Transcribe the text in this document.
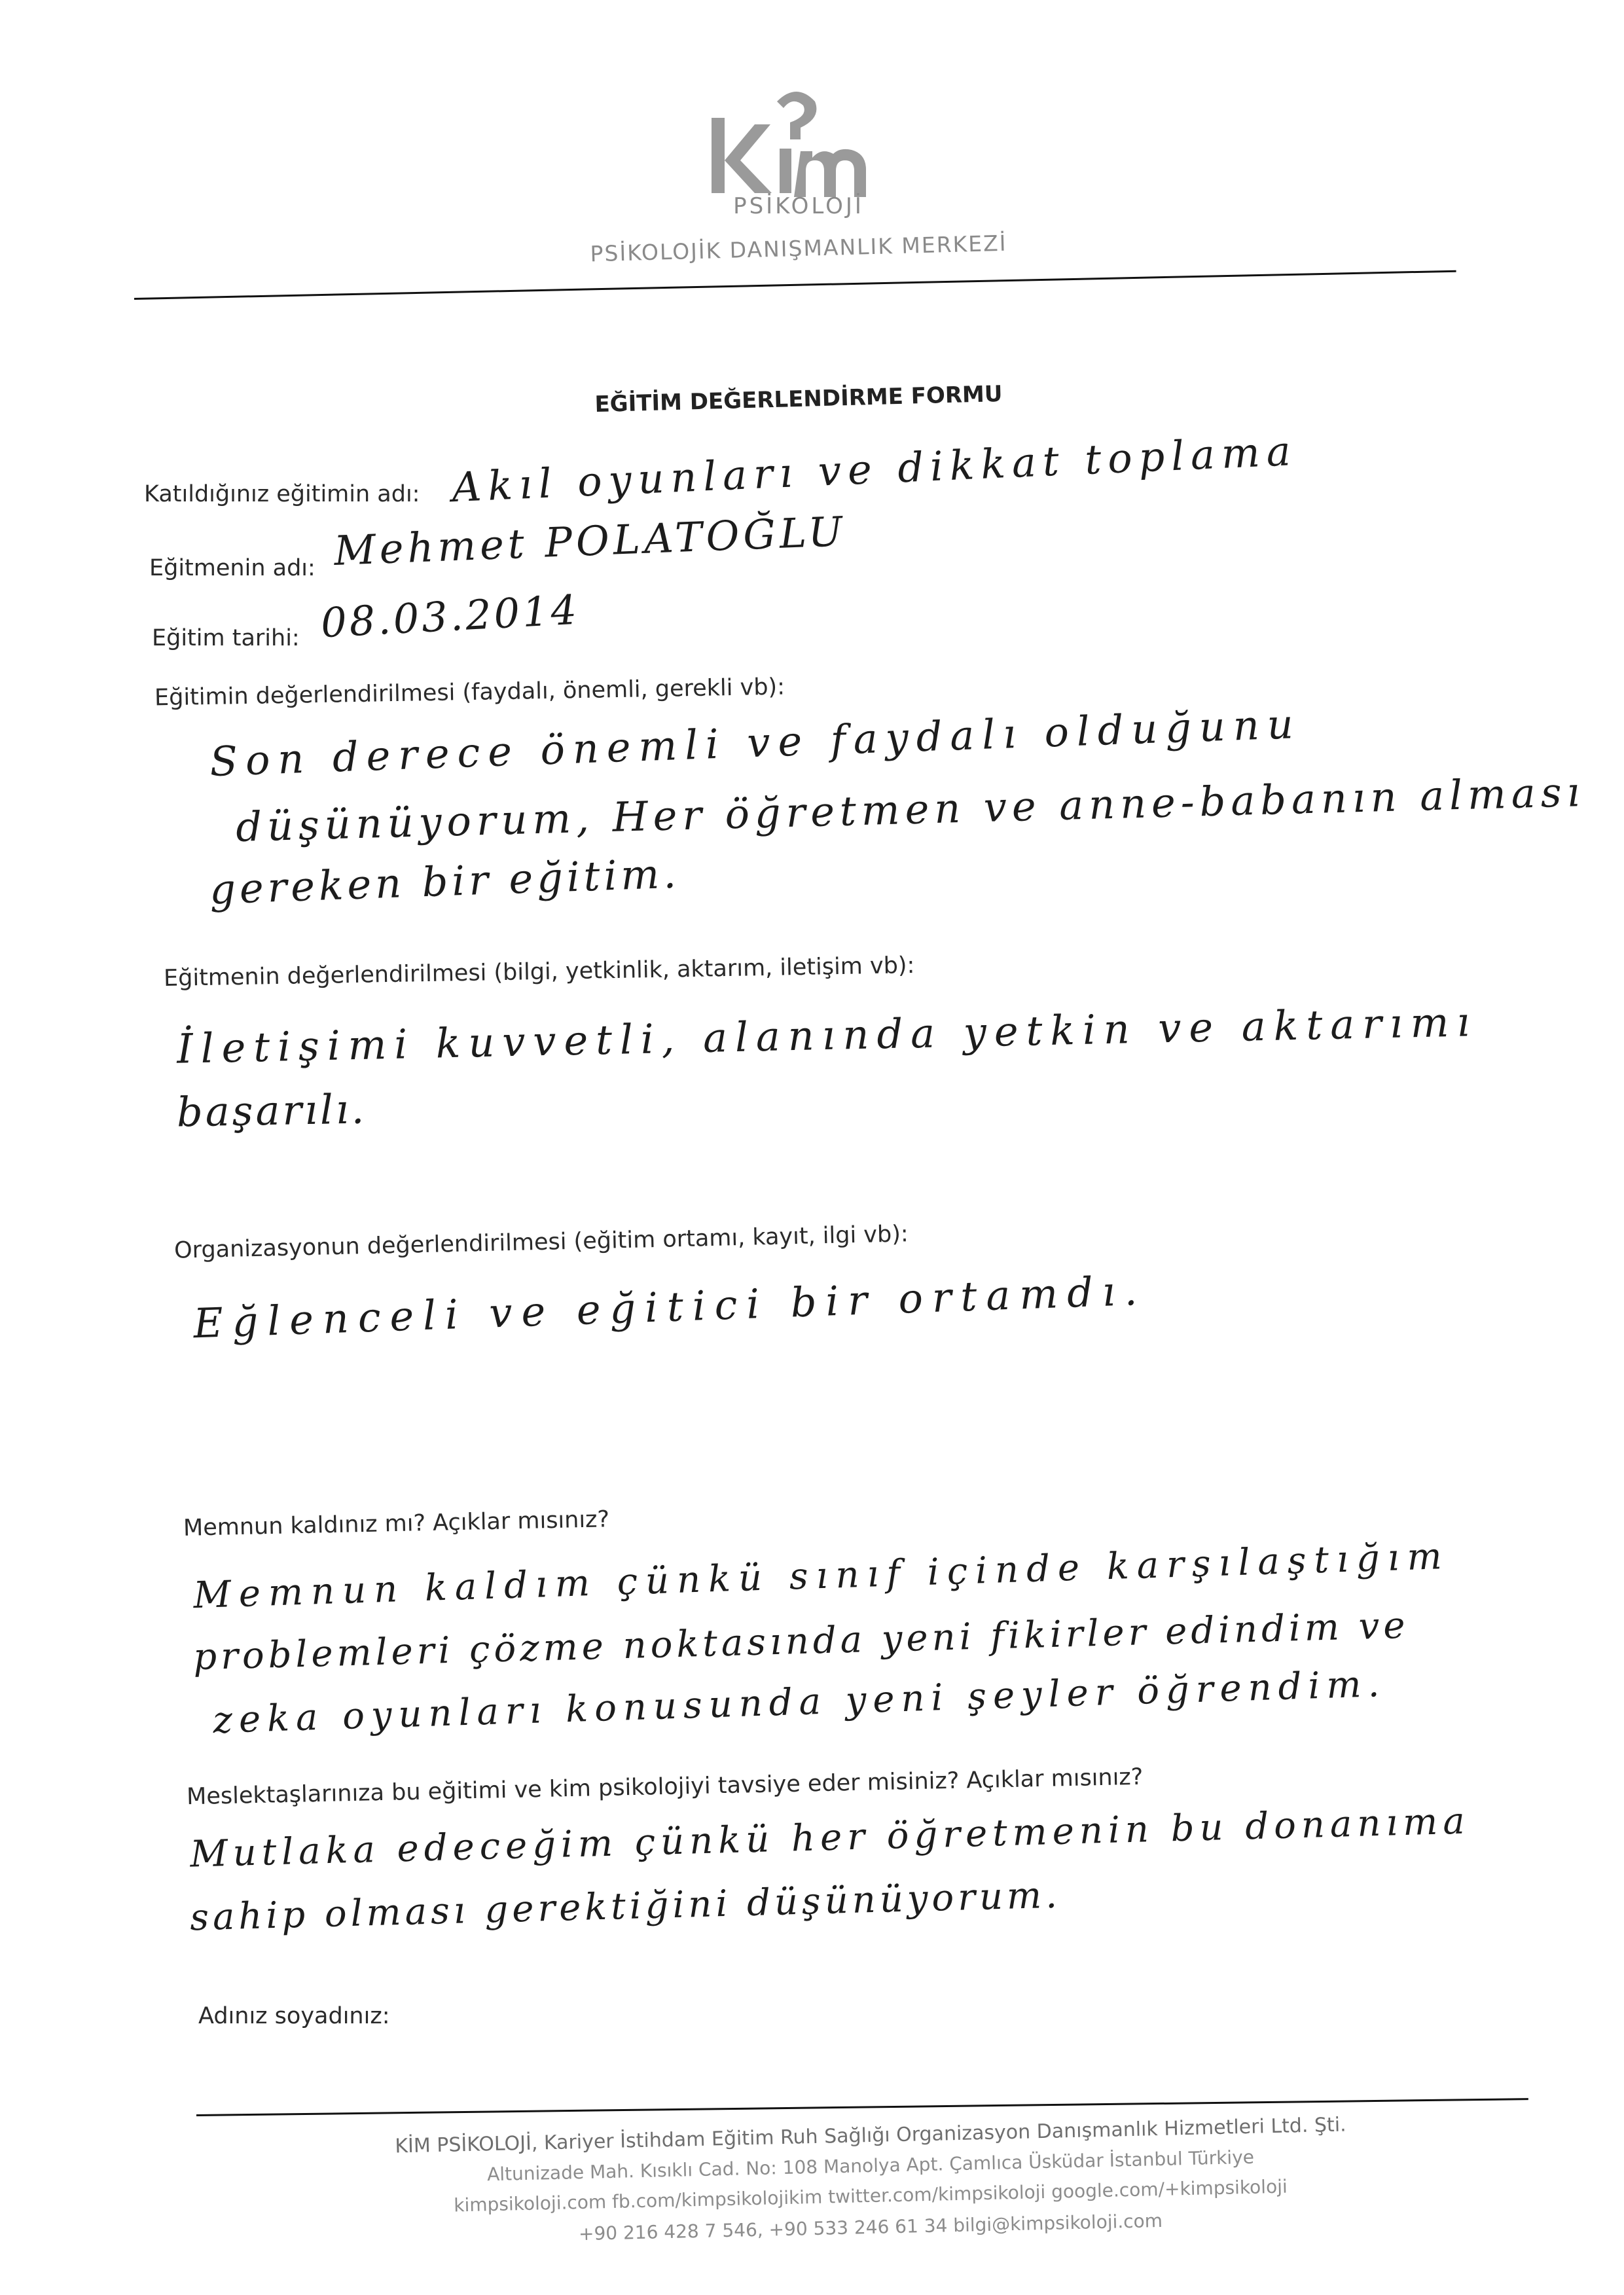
PSİKOLOJİ
PSİKOLOJİK DANIŞMANLIK MERKEZİ
EĞİTİM DEĞERLENDİRME FORMU
Katıldığınız eğitimin adı: Akıl oyunları ve dikkat toplama
Eğitmenin adı: Mehmet POLATOĞLU
Eğitim tarihi: 08.03.2014
Eğitimin değerlendirilmesi (faydalı, önemli, gerekli vb):
Son derece önemli ve faydalı olduğunu
düşünüyorum, Her öğretmen ve anne-babanın alması
gereken bir eğitim.
Eğitmenin değerlendirilmesi (bilgi, yetkinlik, aktarım, iletişim vb):
İletişimi kuvvetli, alanında yetkin ve aktarımı
başarılı.
Organizasyonun değerlendirilmesi (eğitim ortamı, kayıt, ilgi vb):
Eğlenceli ve eğitici bir ortamdı.
Memnun kaldınız mı? Açıklar mısınız?
Memnun kaldım çünkü sınıf içinde karşılaştığım
problemleri çözme noktasında yeni fikirler edindim ve
zeka oyunları konusunda yeni şeyler öğrendim.
Meslektaşlarınıza bu eğitimi ve kim psikolojiyi tavsiye eder misiniz? Açıklar mısınız?
Mutlaka edeceğim çünkü her öğretmenin bu donanıma
sahip olması gerektiğini düşünüyorum.
Adınız soyadınız:
KİM PSİKOLOJİ, Kariyer İstihdam Eğitim Ruh Sağlığı Organizasyon Danışmanlık Hizmetleri Ltd. Şti.
Altunizade Mah. Kısıklı Cad. No: 108 Manolya Apt. Çamlıca Üsküdar İstanbul Türkiye
kimpsikoloji.com fb.com/kimpsikolojikim twitter.com/kimpsikoloji google.com/+kimpsikoloji
+90 216 428 7 546, +90 533 246 61 34 bilgi@kimpsikoloji.com
